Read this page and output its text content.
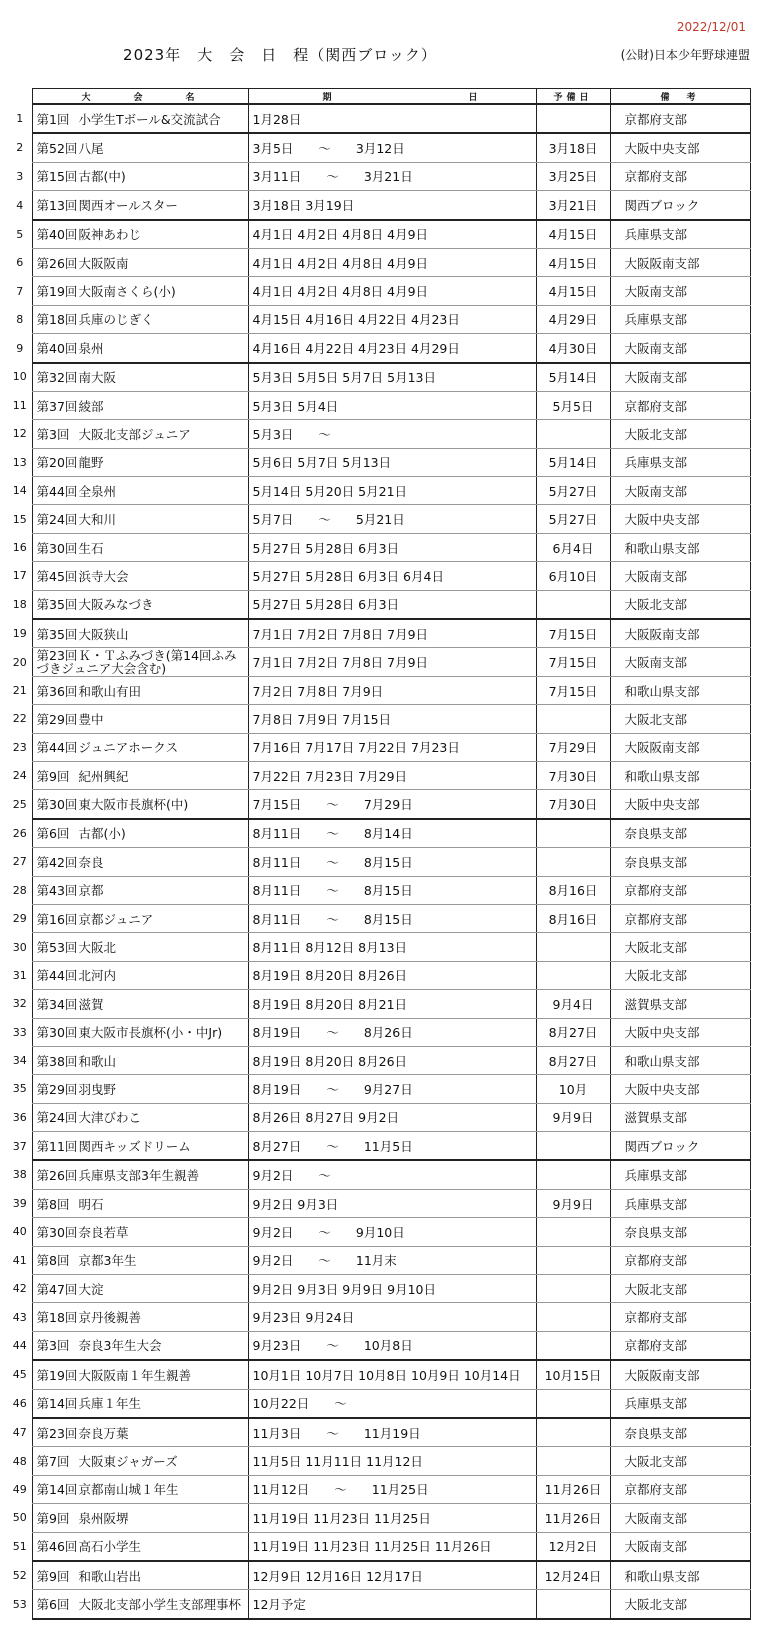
2022/12/01
2023年　大　会　日　程（関西ブロック）	(公財)日本少年野球連盟
	大　　　会　　　名	期 日	予備日	備　考
1	第1回 小学生Tボール&交流試合	1月28日		京都府支部
2	第52回八尾	3月5日　　〜　　3月12日	3月18日	大阪中央支部
3	第15回古都(中)	3月11日　　〜　　3月21日	3月25日	京都府支部
4	第13回関西オールスター	3月18日 3月19日	3月21日	関西ブロック
5	第40回阪神あわじ	4月1日 4月2日 4月8日 4月9日	4月15日	兵庫県支部
6	第26回大阪阪南	4月1日 4月2日 4月8日 4月9日	4月15日	大阪阪南支部
7	第19回大阪南さくら(小)	4月1日 4月2日 4月8日 4月9日	4月15日	大阪南支部
8	第18回兵庫のじぎく	4月15日 4月16日 4月22日 4月23日	4月29日	兵庫県支部
9	第40回泉州	4月16日 4月22日 4月23日 4月29日	4月30日	大阪南支部
10	第32回南大阪	5月3日 5月5日 5月7日 5月13日	5月14日	大阪南支部
11	第37回綾部	5月3日 5月4日	5月5日	京都府支部
12	第3回 大阪北支部ジュニア	5月3日　　〜		大阪北支部
13	第20回龍野	5月6日 5月7日 5月13日	5月14日	兵庫県支部
14	第44回全泉州	5月14日 5月20日 5月21日	5月27日	大阪南支部
15	第24回大和川	5月7日　　〜　　5月21日	5月27日	大阪中央支部
16	第30回生石	5月27日 5月28日 6月3日	6月4日	和歌山県支部
17	第45回浜寺大会	5月27日 5月28日 6月3日 6月4日	6月10日	大阪南支部
18	第35回大阪みなづき	5月27日 5月28日 6月3日		大阪北支部
19	第35回大阪狭山	7月1日 7月2日 7月8日 7月9日	7月15日	大阪阪南支部
20	第23回Ｋ・Ｔふみづき(第14回ふみづきジュニア大会含む)	7月1日 7月2日 7月8日 7月9日	7月15日	大阪南支部
21	第36回和歌山有田	7月2日 7月8日 7月9日	7月15日	和歌山県支部
22	第29回豊中	7月8日 7月9日 7月15日		大阪北支部
23	第44回ジュニアホークス	7月16日 7月17日 7月22日 7月23日	7月29日	大阪阪南支部
24	第9回 紀州興紀	7月22日 7月23日 7月29日	7月30日	和歌山県支部
25	第30回東大阪市長旗杯(中)	7月15日　　〜　　7月29日	7月30日	大阪中央支部
26	第6回 古都(小)	8月11日　　〜　　8月14日		奈良県支部
27	第42回奈良	8月11日　　〜　　8月15日		奈良県支部
28	第43回京都	8月11日　　〜　　8月15日	8月16日	京都府支部
29	第16回京都ジュニア	8月11日　　〜　　8月15日	8月16日	京都府支部
30	第53回大阪北	8月11日 8月12日 8月13日		大阪北支部
31	第44回北河内	8月19日 8月20日 8月26日		大阪北支部
32	第34回滋賀	8月19日 8月20日 8月21日	9月4日	滋賀県支部
33	第30回東大阪市長旗杯(小・中Jr)	8月19日　　〜　　8月26日	8月27日	大阪中央支部
34	第38回和歌山	8月19日 8月20日 8月26日	8月27日	和歌山県支部
35	第29回羽曳野	8月19日　　〜　　9月27日	10月	大阪中央支部
36	第24回大津びわこ	8月26日 8月27日 9月2日	9月9日	滋賀県支部
37	第11回関西キッズドリーム	8月27日　　〜　　11月5日		関西ブロック
38	第26回兵庫県支部3年生親善	9月2日　　〜		兵庫県支部
39	第8回 明石	9月2日 9月3日	9月9日	兵庫県支部
40	第30回奈良若草	9月2日　　〜　　9月10日		奈良県支部
41	第8回 京都3年生	9月2日　　〜　　11月末		京都府支部
42	第47回大淀	9月2日 9月3日 9月9日 9月10日		大阪北支部
43	第18回京丹後親善	9月23日 9月24日		京都府支部
44	第3回 奈良3年生大会	9月23日　　〜　　10月8日		京都府支部
45	第19回大阪阪南１年生親善	10月1日 10月7日 10月8日 10月9日 10月14日	10月15日	大阪阪南支部
46	第14回兵庫１年生	10月22日　　〜		兵庫県支部
47	第23回奈良万葉	11月3日　　〜　　11月19日		奈良県支部
48	第7回 大阪東ジャガーズ	11月5日 11月11日 11月12日		大阪北支部
49	第14回京都南山城１年生	11月12日　　〜　　11月25日	11月26日	京都府支部
50	第9回 泉州阪堺	11月19日 11月23日 11月25日	11月26日	大阪南支部
51	第46回高石小学生	11月19日 11月23日 11月25日 11月26日	12月2日	大阪南支部
52	第9回 和歌山岩出	12月9日 12月16日 12月17日	12月24日	和歌山県支部
53	第6回 大阪北支部小学生支部理事杯	12月予定		大阪北支部
